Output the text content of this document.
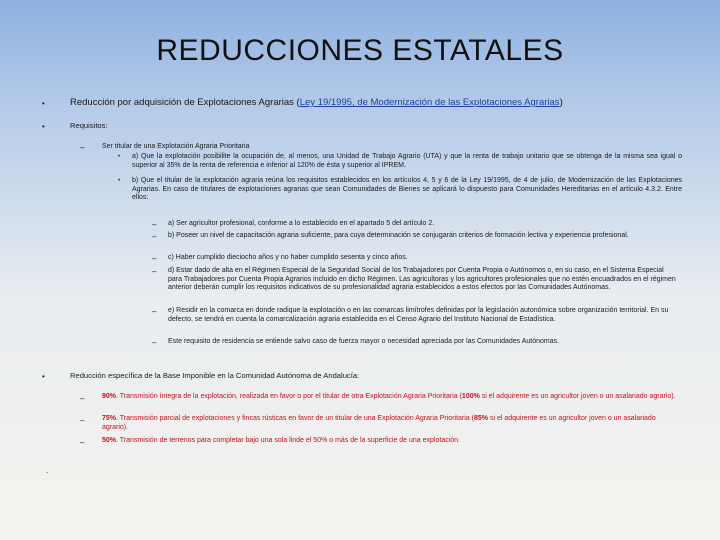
REDUCCIONES ESTATALES
•	Reducción por adquisición de Explotaciones Agrarias (Ley 19/1995, de Modernización de las Explotaciones Agrarias)
•	Requisitos:
–	Ser titular de una Explotación Agraria Prioritaria
• a) Que la explotación posibilite la ocupación de, al menos, una Unidad de Trabajo Agrario (UTA) y que la renta de trabajo unitario que se obtenga de la misma sea igual o superior al 35% de la renta de referencia e inferior al 120% de ésta y superior al IPREM.
• b) Que el titular de la explotación agraria reúna los requisitos establecidos en los artículos 4, 5 y 6 de la Ley 19/1995, de 4 de julio, de Modernización de las Explotaciones Agrarias. En caso de titulares de explotaciones agrarias que sean Comunidades de Bienes se aplicará lo dispuesto para Comunidades Hereditarias en el artículo 4.3.2. Entre ellos:
– a) Ser agricultor profesional, conforme a lo establecido en el apartado 5 del artículo 2.
– b) Poseer un nivel de capacitación agraria suficiente, para cuya determinación se conjugarán criterios de formación lectiva y experiencia profesional.
– c) Haber cumplido dieciocho años y no haber cumplido sesenta y cinco años.
– d) Estar dado de alta en el Régimen Especial de la Seguridad Social de los Trabajadores por Cuenta Propia o Autónomos o, en su caso, en el Sistema Especial para Trabajadores por Cuenta Propia Agrarios incluido en dicho Régimen. Las agricultoras y los agricultores profesionales que no estén encuadrados en el régimen anterior deberán cumplir los requisitos indicativos de su profesionalidad agraria establecidos a estos efectos por las Comunidades Autónomas.
– e) Residir en la comarca en donde radique la explotación o en las comarcas limítrofes definidas por la legislación autonómica sobre organización territorial. En su defecto, se tendrá en cuenta la comarcalización agraria establecida en el Censo Agrario del Instituto Nacional de Estadística.
– Este requisito de residencia se entiende salvo caso de fuerza mayor o necesidad apreciada por las Comunidades Autónomas.
•	Reducción específica de la Base Imponible en la Comunidad Autónoma de Andalucía:
–	90%. Transmisión íntegra de la explotación, realizada en favor o por el titular de otra Explotación Agraria Prioritaria (100% si el adquirente es un agricultor joven o un asalariado agrario).
–	75%. Transmisión parcial de explotaciones y fincas rústicas en favor de un titular de una Explotación Agraria Prioritaria (85% si el adquirente es un agricultor joven o un asalariado agrario).
–	50%. Transmisión de terrenos para completar bajo una sola linde el 50% o más de la superficie de una explotación.
.
